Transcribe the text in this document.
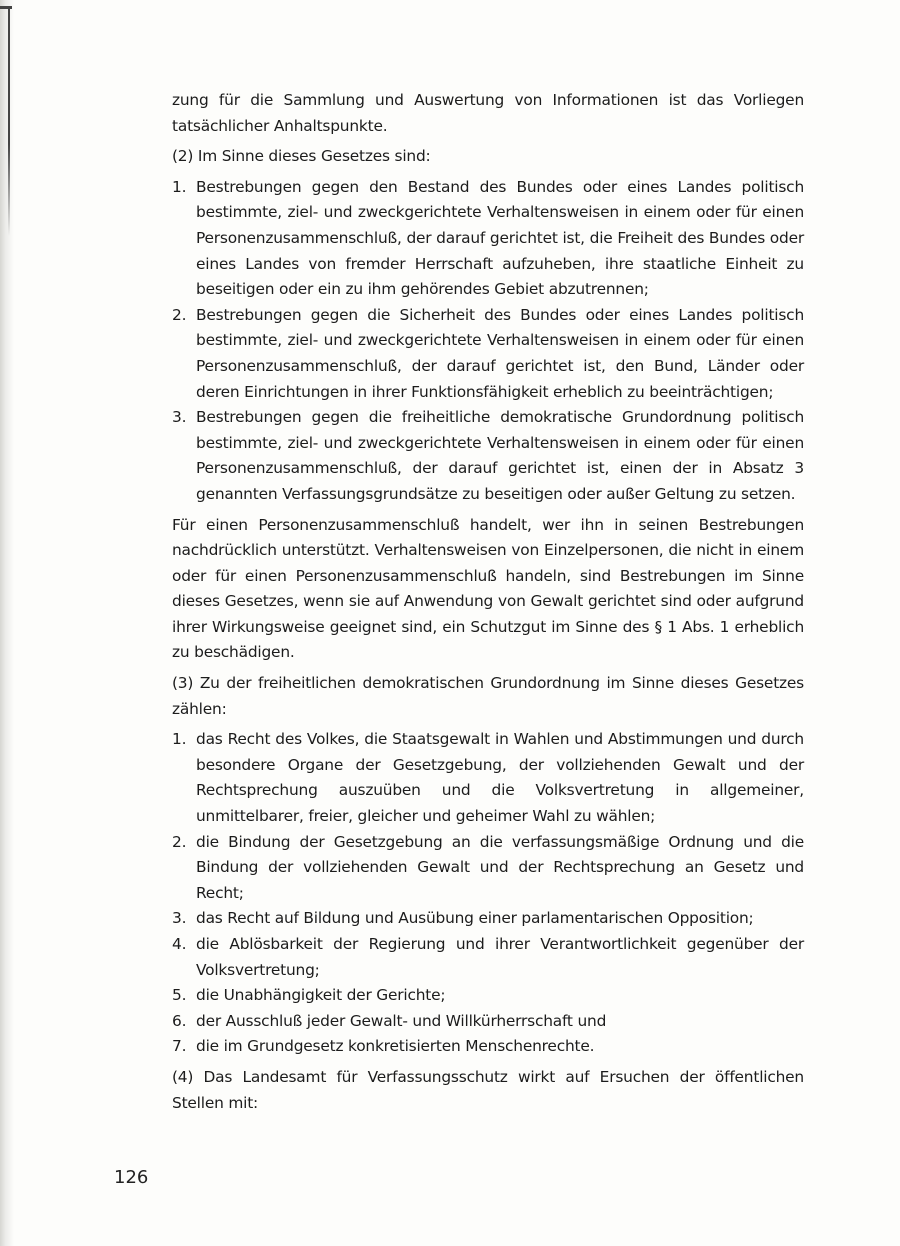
zung für die Sammlung und Auswertung von Informationen ist das Vorliegen tatsächlicher Anhaltspunkte.

(2) Im Sinne dieses Gesetzes sind:

1. Bestrebungen gegen den Bestand des Bundes oder eines Landes politisch bestimmte, ziel- und zweckgerichtete Verhaltensweisen in einem oder für einen Personenzusammenschluß, der darauf gerichtet ist, die Freiheit des Bundes oder eines Landes von fremder Herrschaft aufzuheben, ihre staatliche Einheit zu beseitigen oder ein zu ihm gehörendes Gebiet abzutrennen;
2. Bestrebungen gegen die Sicherheit des Bundes oder eines Landes politisch bestimmte, ziel- und zweckgerichtete Verhaltensweisen in einem oder für einen Personenzusammenschluß, der darauf gerichtet ist, den Bund, Länder oder deren Einrichtungen in ihrer Funktionsfähigkeit erheblich zu beeinträchtigen;
3. Bestrebungen gegen die freiheitliche demokratische Grundordnung politisch bestimmte, ziel- und zweckgerichtete Verhaltensweisen in einem oder für einen Personenzusammenschluß, der darauf gerichtet ist, einen der in Absatz 3 genannten Verfassungsgrundsätze zu beseitigen oder außer Geltung zu setzen.

Für einen Personenzusammenschluß handelt, wer ihn in seinen Bestrebungen nachdrücklich unterstützt. Verhaltensweisen von Einzelpersonen, die nicht in einem oder für einen Personenzusammenschluß handeln, sind Bestrebungen im Sinne dieses Gesetzes, wenn sie auf Anwendung von Gewalt gerichtet sind oder aufgrund ihrer Wirkungsweise geeignet sind, ein Schutzgut im Sinne des § 1 Abs. 1 erheblich zu beschädigen.

(3) Zu der freiheitlichen demokratischen Grundordnung im Sinne dieses Gesetzes zählen:

1. das Recht des Volkes, die Staatsgewalt in Wahlen und Abstimmungen und durch besondere Organe der Gesetzgebung, der vollziehenden Gewalt und der Rechtsprechung auszuüben und die Volksvertretung in allgemeiner, unmittelbarer, freier, gleicher und geheimer Wahl zu wählen;
2. die Bindung der Gesetzgebung an die verfassungsmäßige Ordnung und die Bindung der vollziehenden Gewalt und der Rechtsprechung an Gesetz und Recht;
3. das Recht auf Bildung und Ausübung einer parlamentarischen Opposition;
4. die Ablösbarkeit der Regierung und ihrer Verantwortlichkeit gegenüber der Volksvertretung;
5. die Unabhängigkeit der Gerichte;
6. der Ausschluß jeder Gewalt- und Willkürherrschaft und
7. die im Grundgesetz konkretisierten Menschenrechte.

(4) Das Landesamt für Verfassungsschutz wirkt auf Ersuchen der öffentlichen Stellen mit:

126
